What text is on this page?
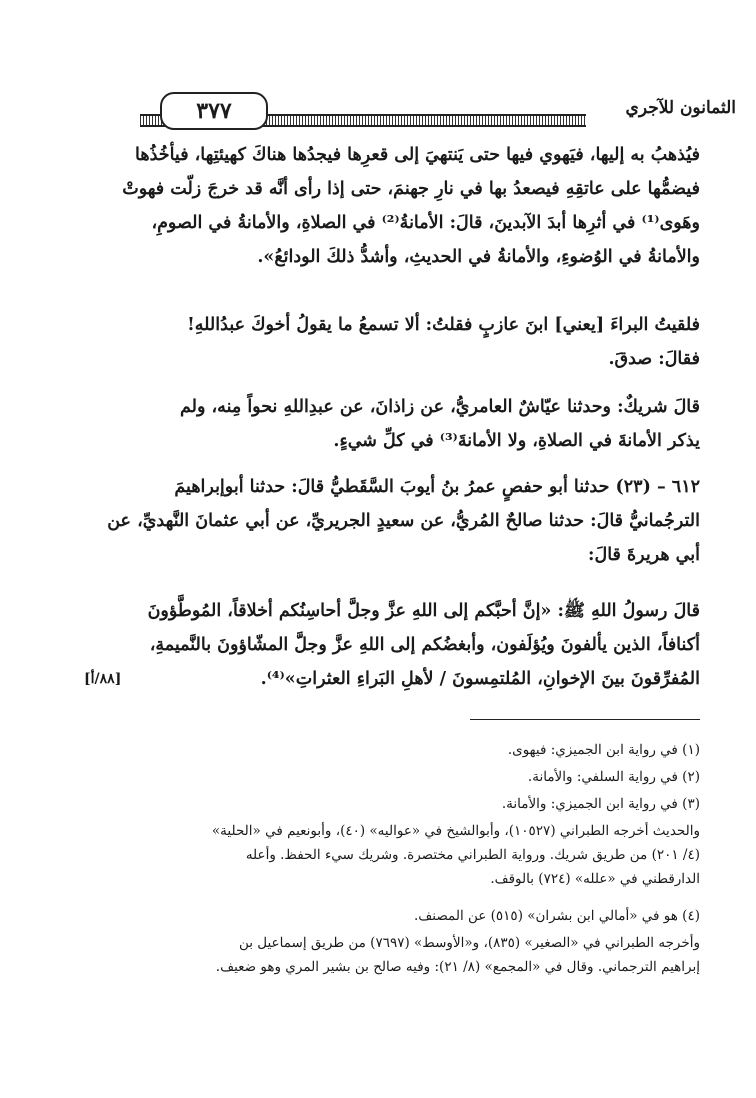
٣٧٧	الثمانون للآجري
فيُذهبُ به إليها، فيَهوي فيها حتى يَنتهيَ إلى قعرِها فيجدُها هناكَ كهيئتِها، فيأخُذُها
فيضمُّها على عاتقِهِ فيصعدُ بها في نارِ جهنمَ، حتى إذا رأى أنَّه قد خرجَ زلّت فهوتْ
وهَوى⁽¹⁾ في أثرِها أبدَ الآبدينَ، قالَ: الأمانةُ⁽²⁾ في الصلاةِ، والأمانةُ في الصومِ،
والأمانةُ في الوُضوءِ، والأمانةُ في الحديثِ، وأشدُّ ذلكَ الودائعُ».
فلقيتُ البراءَ [يعني] ابنَ عازبٍ فقلتُ: ألا تسمعُ ما يقولُ أخوكَ عبدُاللهِ!
فقالَ: صدقَ.
قالَ شريكٌ: وحدثنا عيّاشٌ العامريُّ، عن زاذانَ، عن عبدِاللهِ نحواً مِنه، ولم
يذكر الأمانةَ في الصلاةِ، ولا الأمانةَ⁽³⁾ في كلِّ شيءٍ.
٦١٢ – (٢٣) حدثنا أبو حفصٍ عمرُ بنُ أيوبَ السَّقَطيُّ قالَ: حدثنا أبوإبراهيمَ
الترجُمانيُّ قالَ: حدثنا صالحٌ المُريُّ، عن سعيدٍ الجريريِّ، عن أبي عثمانَ النَّهديِّ، عن
أبي هريرةَ قالَ:
قالَ رسولُ اللهِ ﷺ: «إنَّ أحبَّكم إلى اللهِ عزَّ وجلَّ أحاسِنُكم أخلاقاً، المُوطَّؤونَ
أكنافاً، الذين يألفونَ ويُؤلَفون، وأبغضُكم إلى اللهِ عزَّ وجلَّ المشّاؤونَ بالنَّميمةِ،
المُفرِّقونَ بينَ الإخوانِ، المُلتمِسونَ / لأهلِ البَراءِ العثراتِ»⁽⁴⁾.
[٨٨/أ]
(١) في رواية ابن الجميزي: فيهوى.
(٢) في رواية السلفي: والأمانة.
(٣) في رواية ابن الجميزي: والأمانة.
والحديث أخرجه الطبراني (١٠٥٢٧)، وأبوالشيخ في «عواليه» (٤٠)، وأبونعيم في «الحلية»
(٤/ ٢٠١) من طريق شريك. ورواية الطبراني مختصرة. وشريك سيء الحفظ. وأعله
الدارقطني في «علله» (٧٢٤) بالوقف.
(٤) هو في «أمالي ابن بشران» (٥١٥) عن المصنف.
وأخرجه الطبراني في «الصغير» (٨٣٥)، و«الأوسط» (٧٦٩٧) من طريق إسماعيل بن
إبراهيم الترجماني. وقال في «المجمع» (٨/ ٢١): وفيه صالح بن بشير المري وهو ضعيف.
